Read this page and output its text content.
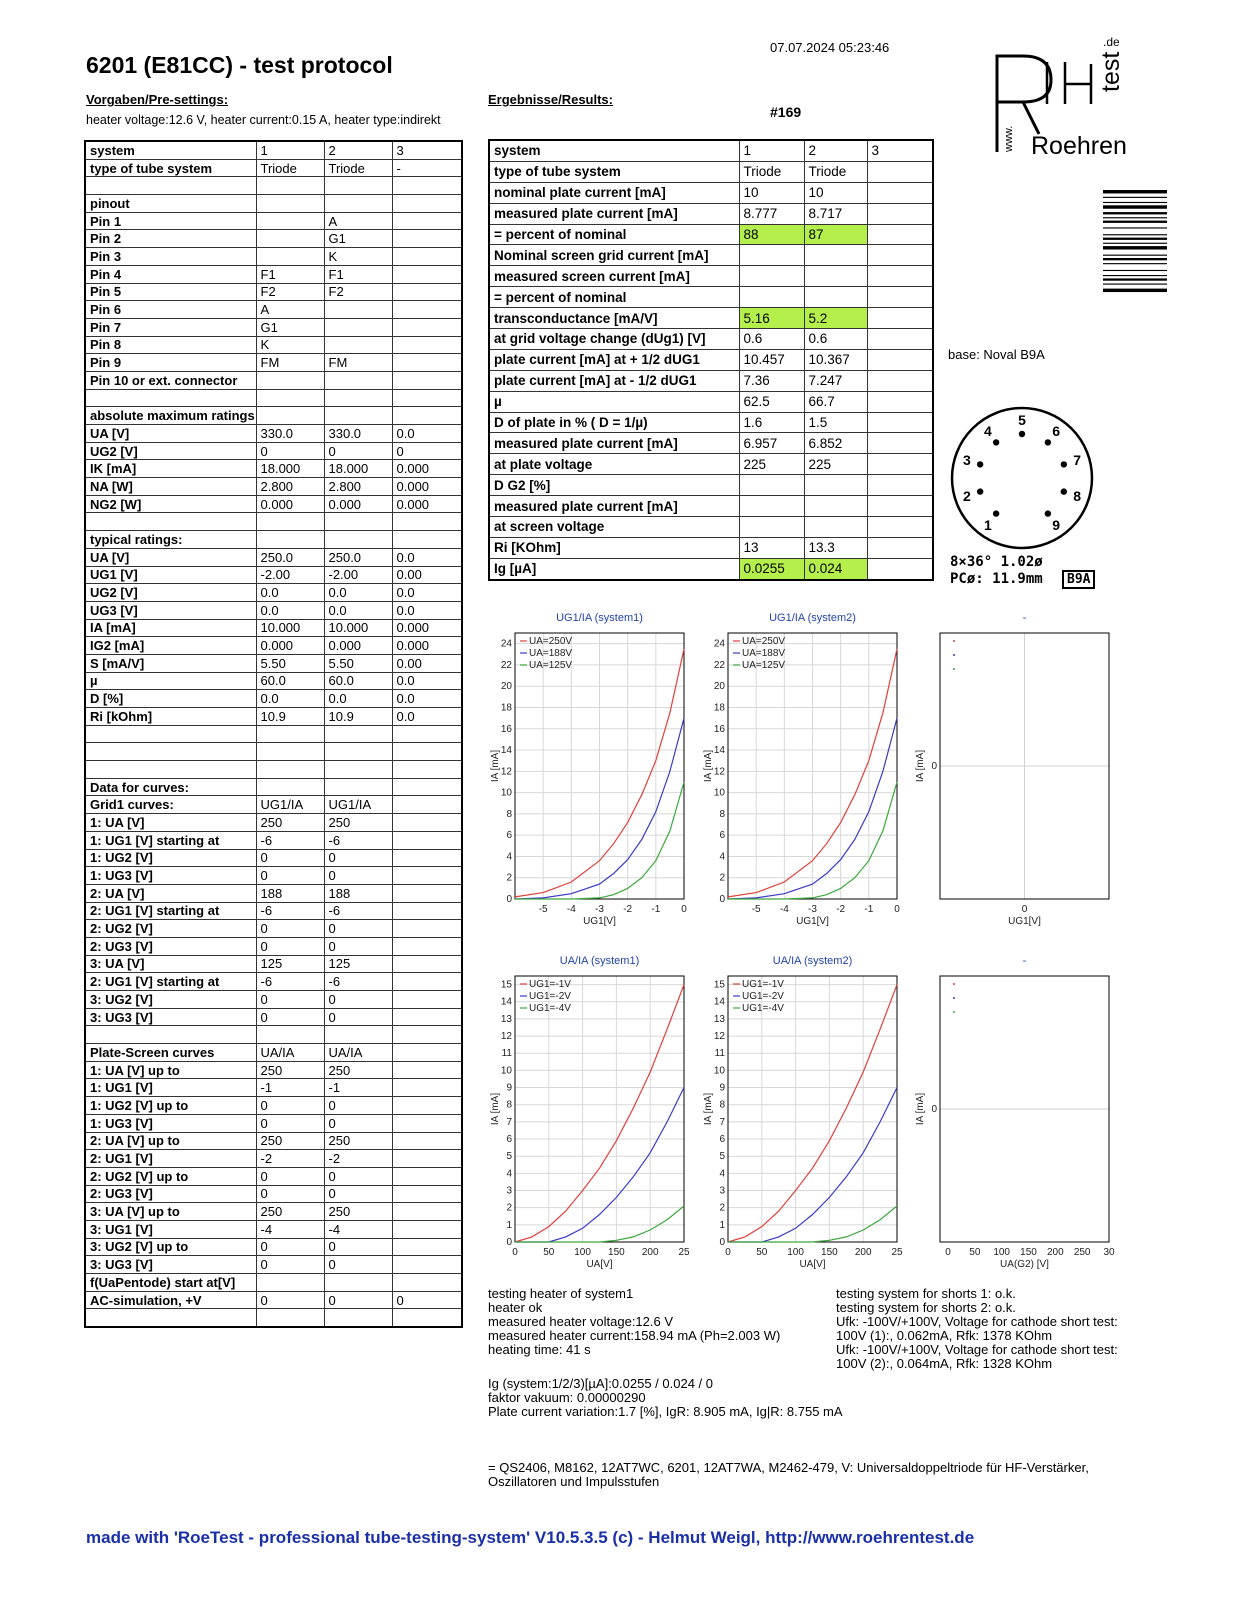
6201 (E81CC) - test protocol
07.07.2024 05:23:46
Vorgaben/Pre-settings:	Ergebnisse/Results:
heater voltage:12.6 V, heater current:0.15 A, heater type:indirekt	#169
www. Roehren
test
.de
system	1	2	3
type of tube system	Triode	Triode	-

pinout			
Pin 1		A	
Pin 2		G1	
Pin 3		K	
Pin 4	F1	F1	
Pin 5	F2	F2	
Pin 6	A		
Pin 7	G1		
Pin 8	K		
Pin 9	FM	FM	
Pin 10 or ext. connector			

absolute maximum ratings			
UA [V]	330.0	330.0	0.0
UG2 [V]	0	0	0
IK [mA]	18.000	18.000	0.000
NA [W]	2.800	2.800	0.000
NG2 [W]	0.000	0.000	0.000

typical ratings:			
UA [V]	250.0	250.0	0.0
UG1 [V]	-2.00	-2.00	0.00
UG2 [V]	0.0	0.0	0.0
UG3 [V]	0.0	0.0	0.0
IA [mA]	10.000	10.000	0.000
IG2 [mA]	0.000	0.000	0.000
S [mA/V]	5.50	5.50	0.00
µ	60.0	60.0	0.0
D [%]	0.0	0.0	0.0
Ri [kOhm]	10.9	10.9	0.0

Data for curves:			
Grid1 curves:	UG1/IA	UG1/IA	
1: UA [V]	250	250	
1: UG1 [V] starting at	-6	-6	
1: UG2 [V]	0	0	
1: UG3 [V]	0	0	
2: UA [V]	188	188	
2: UG1 [V] starting at	-6	-6	
2: UG2 [V]	0	0	
2: UG3 [V]	0	0	
3: UA [V]	125	125	
2: UG1 [V] starting at	-6	-6	
3: UG2 [V]	0	0	
3: UG3 [V]	0	0	

Plate-Screen curves	UA/IA	UA/IA	
1: UA [V] up to	250	250	
1: UG1 [V]	-1	-1	
1: UG2 [V] up to	0	0	
1: UG3 [V]	0	0	
2: UA [V] up to	250	250	
2: UG1 [V]	-2	-2	
2: UG2 [V] up to	0	0	
2: UG3 [V]	0	0	
3: UA [V] up to	250	250	
3: UG1 [V]	-4	-4	
3: UG2 [V] up to	0	0	
3: UG3 [V]	0	0	
f(UaPentode) start at[V]			
AC-simulation, +V	0	0	0

system	1	2	3
type of tube system	Triode	Triode	
nominal plate current [mA]	10	10	
measured plate current [mA]	8.777	8.717	
= percent of nominal	88	87	
Nominal screen grid current [mA]			
measured screen current [mA]			
= percent of nominal			
transconductance [mA/V]	5.16	5.2	
at grid voltage change (dUg1) [V]	0.6	0.6	
plate current [mA] at + 1/2 dUG1	10.457	10.367	
plate current [mA] at - 1/2 dUG1	7.36	7.247	
µ	62.5	66.7	
D of plate in % ( D = 1/µ)	1.6	1.5	
measured plate current [mA]	6.957	6.852	
at plate voltage	225	225	
D G2 [%]			
measured plate current [mA]			
at screen voltage			
Ri [KOhm]	13	13.3	
Ig [µA]	0.0255	0.024	
base: Noval B9A
1
2
3
4
5
6
7
8
9
8×36° 1.02ø
PCø: 11.9mm	B9A
UG1/IA (system1)
0
2
4
6
8
10
12
14
16
18
20
22
24
-5 -4 -3 -2 -1 0
UA=250V
UA=188V
UA=125V
UG1[V]
IA [mA]
UG1/IA (system2)
0
2
4
6
8
10
12
14
16
18
20
22
24
-5 -4 -3 -2 -1 0
UA=250V
UA=188V
UA=125V
UG1[V]
IA [mA]
-
0
0
UG1[V]
IA [mA]
UA/IA (system1)
0
1
2
3
4
5
6
7
8
9
10
11
12
13
14
15
0	50 100 150 200 25
UG1=-1V
UG1=-2V
UG1=-4V
UA[V]
IA [mA]
UA/IA (system2)
0
1
2
3
4
5
6
7
8
9
10
11
12
13
14
15
0	50 100 150 200 25
UG1=-1V
UG1=-2V
UG1=-4V
UA[V]
IA [mA]
-
0
0 50 100 150 200 250 30
UA(G2) [V]
IA [mA]
testing heater of system1
heater ok
measured heater voltage:12.6 V
measured heater current:158.94 mA (Ph=2.003 W)
heating time: 41 s
testing system for shorts 1: o.k.
testing system for shorts 2: o.k.
Ufk: -100V/+100V, Voltage for cathode short test:
100V (1):, 0.062mA, Rfk: 1378 KOhm
Ufk: -100V/+100V, Voltage for cathode short test:
100V (2):, 0.064mA, Rfk: 1328 KOhm
Ig (system:1/2/3)[µA]:0.0255 / 0.024 / 0
faktor vakuum: 0.00000290
Plate current variation:1.7 [%], IgR: 8.905 mA, Ig|R: 8.755 mA
= QS2406, M8162, 12AT7WC, 6201, 12AT7WA, M2462-479, V: Universaldoppeltriode für HF-Verstärker,
Oszillatoren und Impulsstufen
made with 'RoeTest - professional tube-testing-system' V10.5.3.5 (c) - Helmut Weigl, http://www.roehrentest.de
